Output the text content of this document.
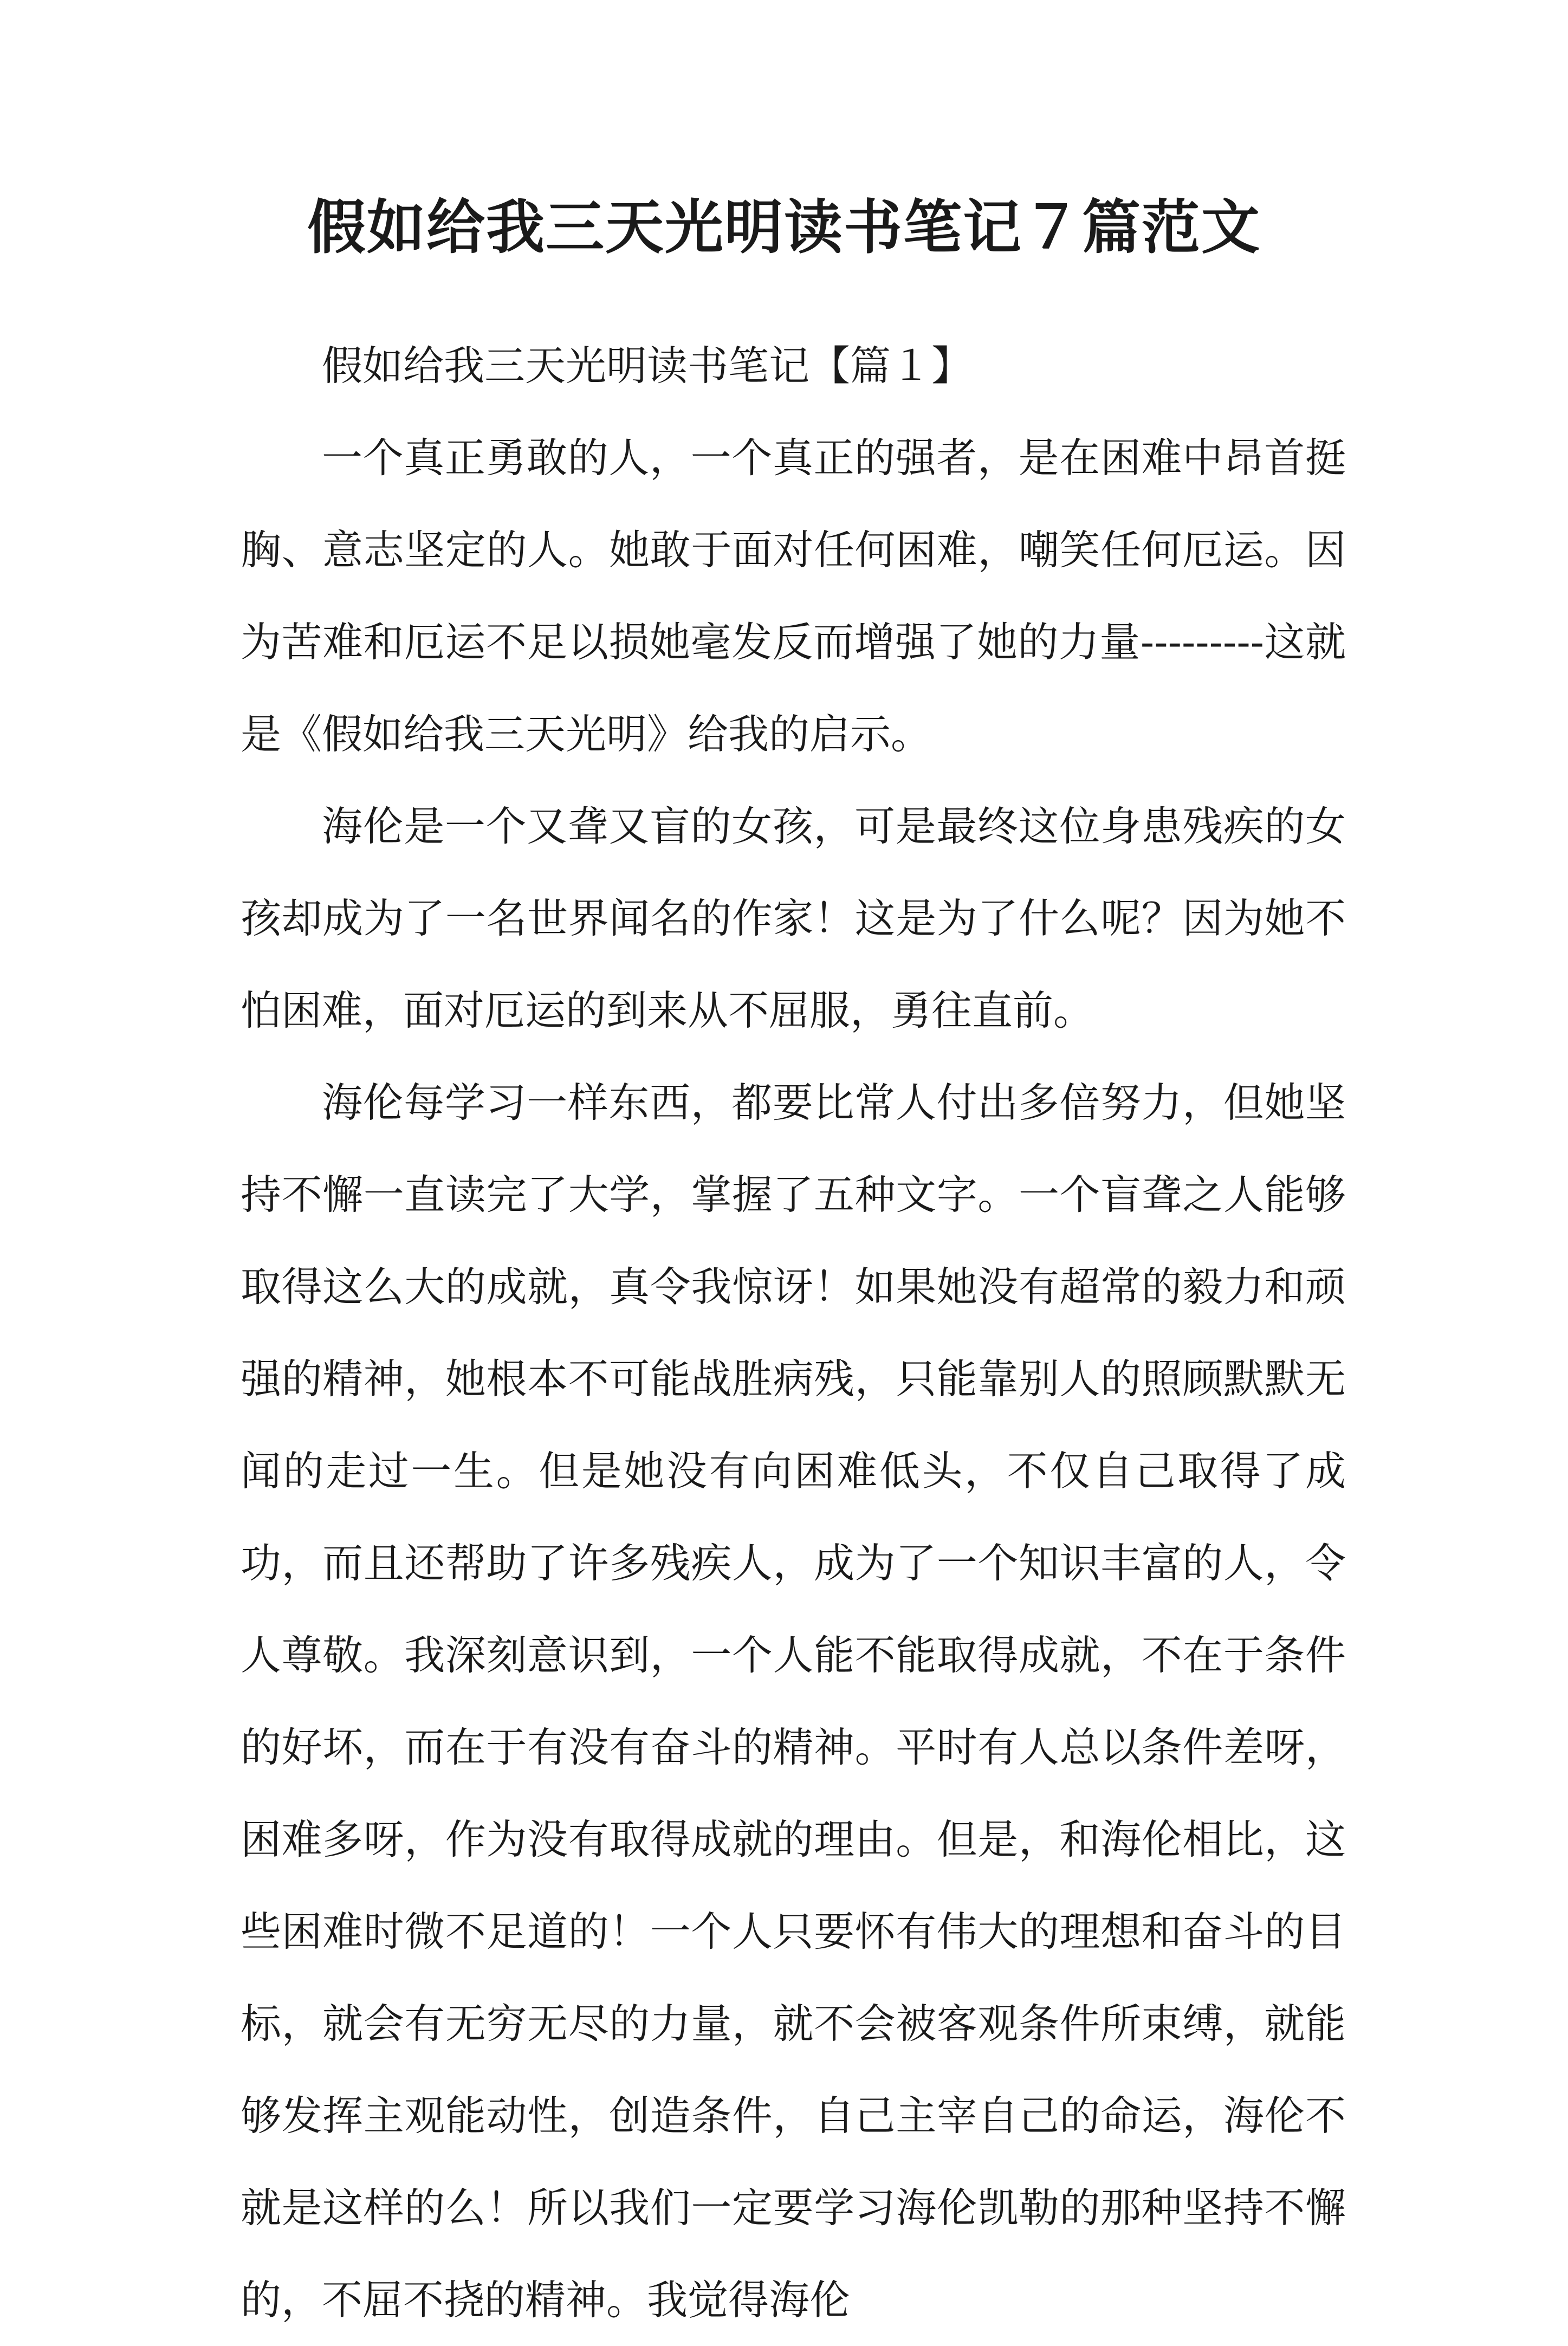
假如给我三天光明读书笔记７篇范文

假如给我三天光明读书笔记【篇１】

一个真正勇敢的人，一个真正的强者，是在困难中昂首挺胸、意志坚定的人。她敢于面对任何困难，嘲笑任何厄运。因为苦难和厄运不足以损她毫发反而增强了她的力量---------这就是《假如给我三天光明》给我的启示。

海伦是一个又聋又盲的女孩，可是最终这位身患残疾的女孩却成为了一名世界闻名的作家！这是为了什么呢？因为她不怕困难，面对厄运的到来从不屈服，勇往直前。

海伦每学习一样东西，都要比常人付出多倍努力，但她坚持不懈一直读完了大学，掌握了五种文字。一个盲聋之人能够取得这么大的成就，真令我惊讶！如果她没有超常的毅力和顽强的精神，她根本不可能战胜病残，只能靠别人的照顾默默无闻的走过一生。但是她没有向困难低头，不仅自己取得了成功，而且还帮助了许多残疾人，成为了一个知识丰富的人，令人尊敬。我深刻意识到，一个人能不能取得成就，不在于条件的好坏，而在于有没有奋斗的精神。平时有人总以条件差呀，困难多呀，作为没有取得成就的理由。但是，和海伦相比，这些困难时微不足道的！一个人只要怀有伟大的理想和奋斗的目标，就会有无穷无尽的力量，就不会被客观条件所束缚，就能够发挥主观能动性，创造条件，自己主宰自己的命运，海伦不就是这样的么！所以我们一定要学习海伦凯勒的那种坚持不懈的，不屈不挠的精神。我觉得海伦
